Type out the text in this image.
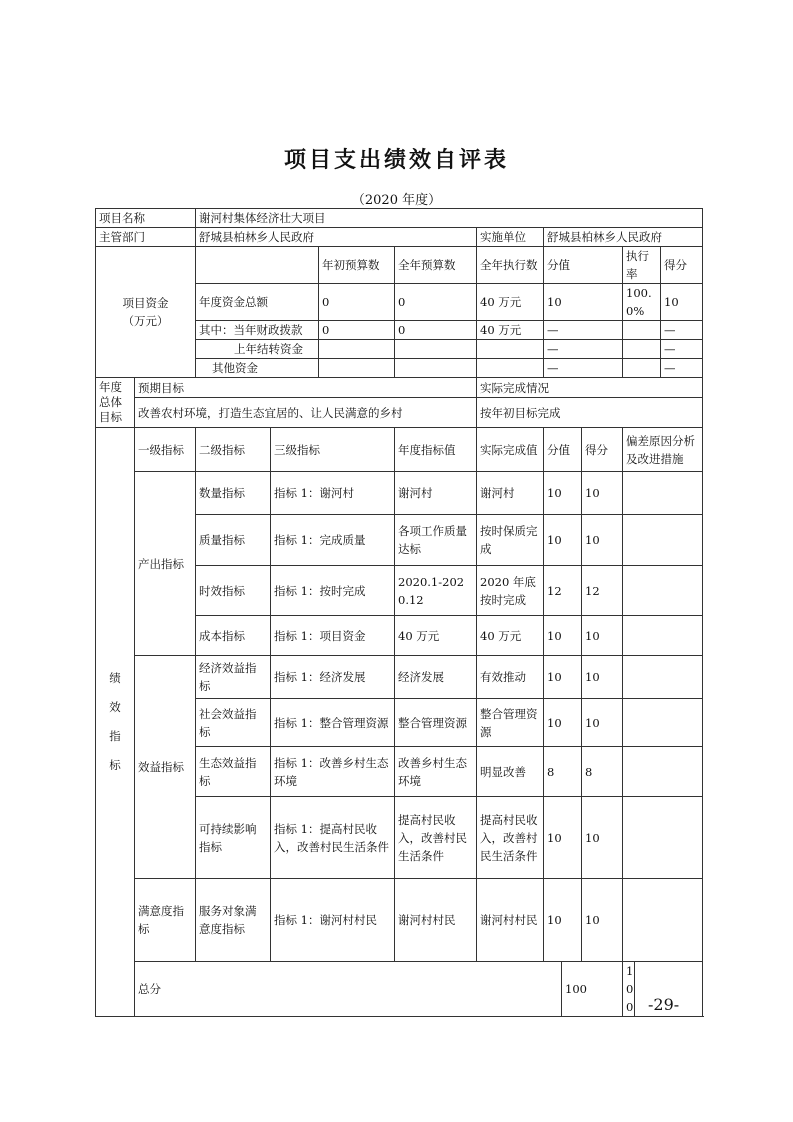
项目支出绩效自评表
（2020 年度）
项目名称		谢河村集体经济壮大项目										
主管部门		舒城县柏林乡人民政府				实施单位	舒城县柏林乡人民政府					

项目资金
（万元）				年初预算数	全年预算数	全年执行数	分值			执行率		得分
		年度资金总额		0	0	40 万元	10			100.0%		10
		其中：当年财政拨款		0	0	40 万元	—					—
		上年结转资金					—					—
		其他资金					—					—

年度
总体
目标	预期目标					实际完成情况						
	改善农村环境，打造生态宜居的、让人民满意的乡村					按年初目标完成						

绩
效
指
标	一级指标	二级指标	三级指标		年度指标值	实际完成值	分值		得分	偏差原因分析及改进措施		
	产出指标	数量指标	指标 1：谢河村		谢河村	谢河村	10		10			
		质量指标	指标 1：完成质量		各项工作质量达标	按时保质完成	10		10			
		时效指标	指标 1：按时完成		2020.1-2020.12	2020 年底按时完成	12		12			
		成本指标	指标 1：项目资金		40 万元	40 万元	10		10			
	效益指标	经济效益指标	指标 1：经济发展		经济发展	有效推动	10		10			
		社会效益指标	指标 1：整合管理资源		整合管理资源	整合管理资源	10		10			
		生态效益指标	指标 1：改善乡村生态环境		改善乡村生态环境	明显改善	8		8			
		可持续影响指标	指标 1：提高村民收入，改善村民生活条件		提高村民收入，改善村民生活条件	提高村民收入，改善村民生活条件	10		10			
	满意度指标	服务对象满意度指标	指标 1：谢河村村民		谢河村村民	谢河村村民	10		10			
	总分							100		100		-29-
